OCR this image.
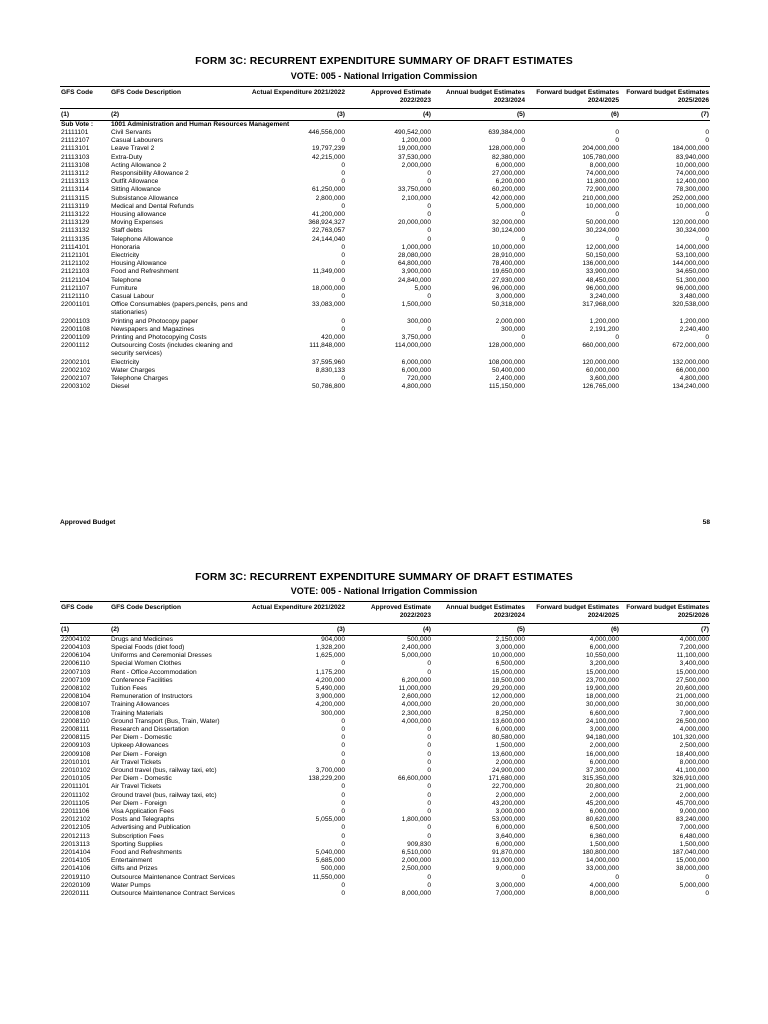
FORM 3C: RECURRENT EXPENDITURE SUMMARY OF DRAFT ESTIMATES
VOTE: 005 - National Irrigation Commission
GFS Code	GFS Code Description	Actual Expenditure 2021/2022	Approved Estimate 2022/2023	Annual budget Estimates 2023/2024	Forward budget Estimates 2024/2025	Forward budget Estimates 2025/2026
(1)	(2)	(3)	(4)	(5)	(6)	(7)
Sub Vote :	1001 Administration and Human Resources Management					
21111101	Civil Servants	446,556,000	490,542,000	639,384,000	0	0
21112107	Casual Labourers	0	1,200,000	0	0	0
21113101	Leave Travel 2	19,797,239	19,000,000	128,000,000	204,000,000	184,000,000
21113103	Extra-Duty	42,215,000	37,530,000	82,380,000	105,780,000	83,940,000
21113108	Acting Allowance 2	0	2,000,000	6,000,000	8,000,000	10,000,000
21113112	Responsibility Allowance 2	0	0	27,000,000	74,000,000	74,000,000
21113113	Outfit Allowance	0	0	6,200,000	11,800,000	12,400,000
21113114	Sitting Allowance	61,250,000	33,750,000	60,200,000	72,900,000	78,300,000
21113115	Subsistance Allowance	2,800,000	2,100,000	42,000,000	210,000,000	252,000,000
21113119	Medical and Dental Refunds	0	0	5,000,000	10,000,000	10,000,000
21113122	Housing allowance	41,200,000	0	0	0	0
21113129	Moving Expenses	368,924,327	20,000,000	32,000,000	50,000,000	120,000,000
21113132	Staff debts	22,763,057	0	30,124,000	30,224,000	30,324,000
21113135	Telephone Allowance	24,144,040	0	0	0	0
21114101	Honoraria	0	1,000,000	10,000,000	12,000,000	14,000,000
21121101	Electricity	0	28,080,000	28,910,000	50,150,000	53,100,000
21121102	Housing Allowance	0	64,800,000	78,400,000	136,000,000	144,000,000
21121103	Food and Refreshment	11,349,000	3,900,000	19,650,000	33,900,000	34,650,000
21121104	Telephone	0	24,840,000	27,930,000	48,450,000	51,300,000
21121107	Furniture	18,000,000	5,000	96,000,000	96,000,000	96,000,000
21121110	Casual Labour	0	0	3,000,000	3,240,000	3,480,000
22001101	Office Consumables (papers,pencils, pens and stationaries)	33,083,000	1,500,000	50,318,000	317,968,000	320,538,000
22001103	Printing and Photocopy paper	0	300,000	2,000,000	1,200,000	1,200,000
22001108	Newspapers and Magazines	0	0	300,000	2,191,200	2,240,400
22001109	Printing and Photocopying Costs	420,000	3,750,000	0	0	0
22001112	Outsourcing Costs (includes cleaning and security services)	111,848,000	114,000,000	128,000,000	660,000,000	672,000,000
22002101	Electricity	37,595,960	6,000,000	108,000,000	120,000,000	132,000,000
22002102	Water Charges	8,830,133	6,000,000	50,400,000	60,000,000	66,000,000
22002107	Telephone Charges	0	720,000	2,400,000	3,600,000	4,800,000
22003102	Diesel	50,786,800	4,800,000	115,150,000	126,765,000	134,240,000
Approved Budget	58
FORM 3C: RECURRENT EXPENDITURE SUMMARY OF DRAFT ESTIMATES
VOTE: 005 - National Irrigation Commission
GFS Code	GFS Code Description	Actual Expenditure 2021/2022	Approved Estimate 2022/2023	Annual budget Estimates 2023/2024	Forward budget Estimates 2024/2025	Forward budget Estimates 2025/2026
(1)	(2)	(3)	(4)	(5)	(6)	(7)
22004102	Drugs and Medicines	904,000	500,000	2,150,000	4,000,000	4,000,000
22004103	Special Foods (diet food)	1,328,200	2,400,000	3,000,000	6,000,000	7,200,000
22006104	Uniforms and Ceremonial Dresses	1,625,000	5,000,000	10,000,000	10,550,000	11,100,000
22006110	Special Women Clothes	0	0	6,500,000	3,200,000	3,400,000
22007103	Rent - Office Accommodation	1,175,200	0	15,000,000	15,000,000	15,000,000
22007109	Conference Facilities	4,200,000	6,200,000	18,500,000	23,700,000	27,500,000
22008102	Tuition Fees	5,490,000	11,000,000	29,200,000	19,900,000	20,600,000
22008104	Remuneration of Instructors	3,900,000	2,600,000	12,000,000	18,000,000	21,000,000
22008107	Training Allowances	4,200,000	4,000,000	20,000,000	30,000,000	30,000,000
22008108	Training Materials	300,000	2,300,000	8,250,000	6,600,000	7,900,000
22008110	Ground Transport (Bus, Train, Water)	0	4,000,000	13,600,000	24,100,000	26,500,000
22008111	Research and Dissertation	0	0	6,000,000	3,000,000	4,000,000
22008115	Per Diem - Domestic	0	0	80,580,000	94,180,000	101,320,000
22009103	Upkeep Allowances	0	0	1,500,000	2,000,000	2,500,000
22009108	Per Diem - Foreign	0	0	13,600,000	16,000,000	18,400,000
22010101	Air Travel Tickets	0	0	2,000,000	6,000,000	8,000,000
22010102	Ground travel (bus, railway taxi, etc)	3,700,000	0	24,900,000	37,300,000	41,100,000
22010105	Per Diem - Domestic	138,229,200	66,600,000	171,680,000	315,350,000	326,910,000
22011101	Air Travel Tickets	0	0	22,700,000	20,800,000	21,900,000
22011102	Ground travel (bus, railway taxi, etc)	0	0	2,000,000	2,000,000	2,000,000
22011105	Per Diem - Foreign	0	0	43,200,000	45,200,000	45,700,000
22011106	Visa Application Fees	0	0	3,000,000	6,000,000	9,000,000
22012102	Posts and Telegraphs	5,055,000	1,800,000	53,000,000	80,620,000	83,240,000
22012105	Advertising and Publication	0	0	6,000,000	6,500,000	7,000,000
22012113	Subscription Fees	0	0	3,640,000	6,360,000	6,480,000
22013113	Sporting Supplies	0	909,830	6,000,000	1,500,000	1,500,000
22014104	Food and Refreshments	5,040,000	6,510,000	91,870,000	180,800,000	187,040,000
22014105	Entertainment	5,685,000	2,000,000	13,000,000	14,000,000	15,000,000
22014106	Gifts and Prizes	500,000	2,500,000	9,000,000	33,000,000	38,000,000
22019110	Outsource Maintenance Contract Services	11,550,000	0	0	0	0
22020109	Water Pumps	0	0	3,000,000	4,000,000	5,000,000
22020111	Outsource Maintenance Contract Services	0	8,000,000	7,000,000	8,000,000	0
